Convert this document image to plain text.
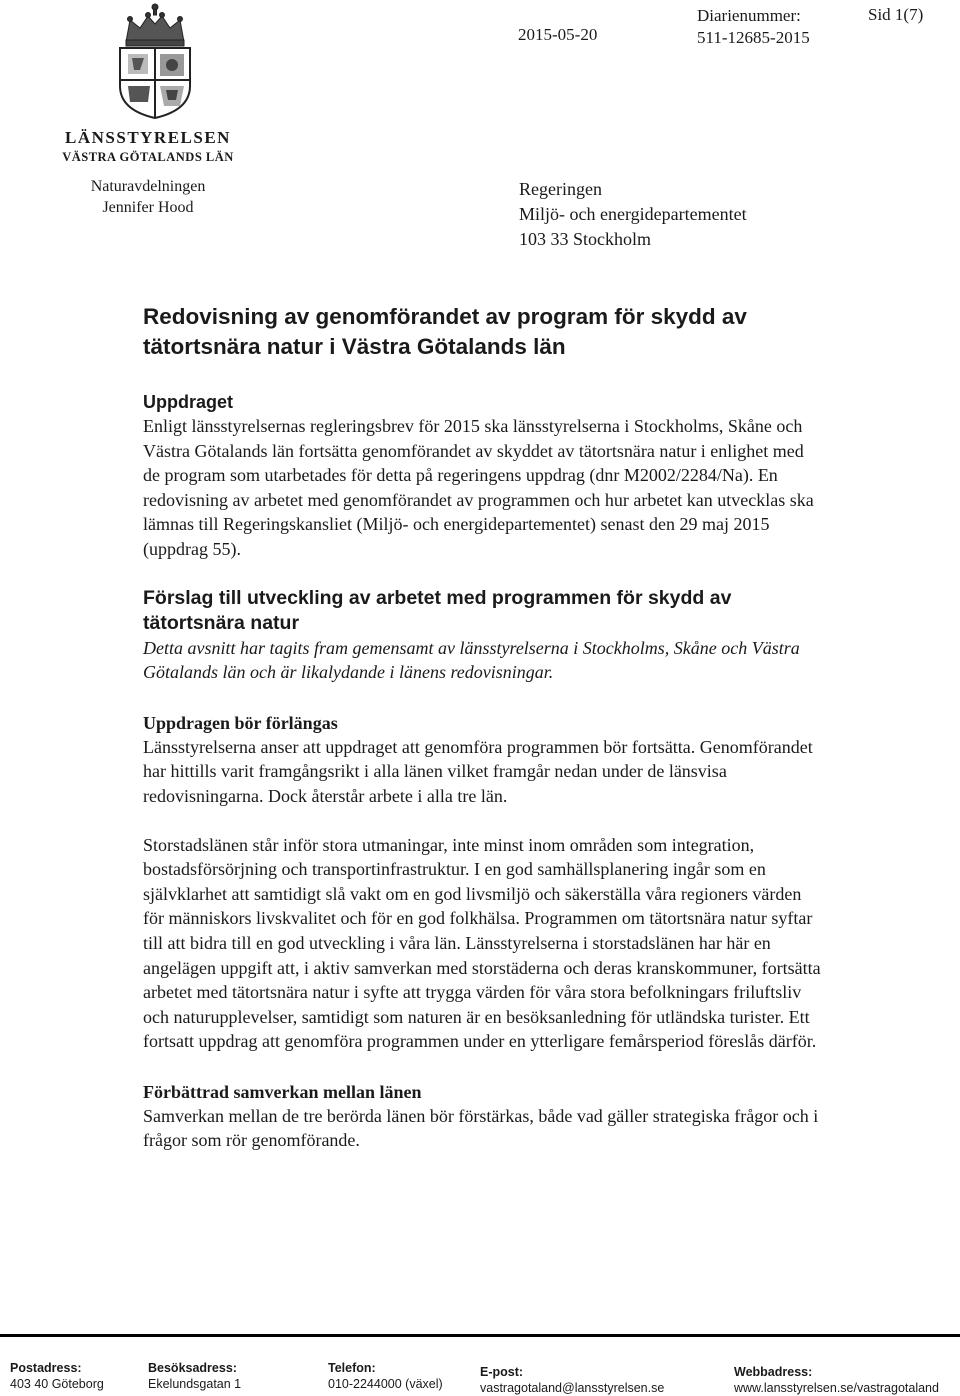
LÄNSSTYRELSEN
VÄSTRA GÖTALANDS LÄN
Naturavdelningen
Jennifer Hood
2015-05-20
Diarienummer:
511-12685-2015
Sid 1(7)
Regeringen
Miljö- och energidepartementet
103 33 Stockholm
Redovisning av genomförandet av program för skydd av tätortsnära natur i Västra Götalands län
Uppdraget

Enligt länsstyrelsernas regleringsbrev för 2015 ska länsstyrelserna i Stockholms, Skåne och Västra Götalands län fortsätta genomförandet av skyddet av tätortsnära natur i enlighet med de program som utarbetades för detta på regeringens uppdrag (dnr M2002/2284/Na). En redovisning av arbetet med genomförandet av programmen och hur arbetet kan utvecklas ska lämnas till Regeringskansliet (Miljö- och energidepartementet) senast den 29 maj 2015 (uppdrag 55).

Förslag till utveckling av arbetet med programmen för skydd av tätortsnära natur

Detta avsnitt har tagits fram gemensamt av länsstyrelserna i Stockholms, Skåne och Västra Götalands län och är likalydande i länens redovisningar.

Uppdragen bör förlängas

Länsstyrelserna anser att uppdraget att genomföra programmen bör fortsätta. Genomförandet har hittills varit framgångsrikt i alla länen vilket framgår nedan under de länsvisa redovisningarna. Dock återstår arbete i alla tre län.

Storstadslänen står inför stora utmaningar, inte minst inom områden som integration, bostadsförsörjning och transportinfrastruktur. I en god samhällsplanering ingår som en självklarhet att samtidigt slå vakt om en god livsmiljö och säkerställa våra regioners värden för människors livskvalitet och för en god folkhälsa. Programmen om tätortsnära natur syftar till att bidra till en god utveckling i våra län. Länsstyrelserna i storstadslänen har här en angelägen uppgift att, i aktiv samverkan med storstäderna och deras kranskommuner, fortsätta arbetet med tätortsnära natur i syfte att trygga värden för våra stora befolkningars friluftsliv och naturupplevelser, samtidigt som naturen är en besöksanledning för utländska turister. Ett fortsatt uppdrag att genomföra programmen under en ytterligare femårsperiod föreslås därför.

Förbättrad samverkan mellan länen

Samverkan mellan de tre berörda länen bör förstärkas, både vad gäller strategiska frågor och i frågor som rör genomförande.

Postadress:
403 40 Göteborg
Besöksadress:
Ekelundsgatan 1
Telefon:
010-2244000 (växel)
E-post:
vastragotaland@lansstyrelsen.se
Webbadress:
www.lansstyrelsen.se/vastragotaland
